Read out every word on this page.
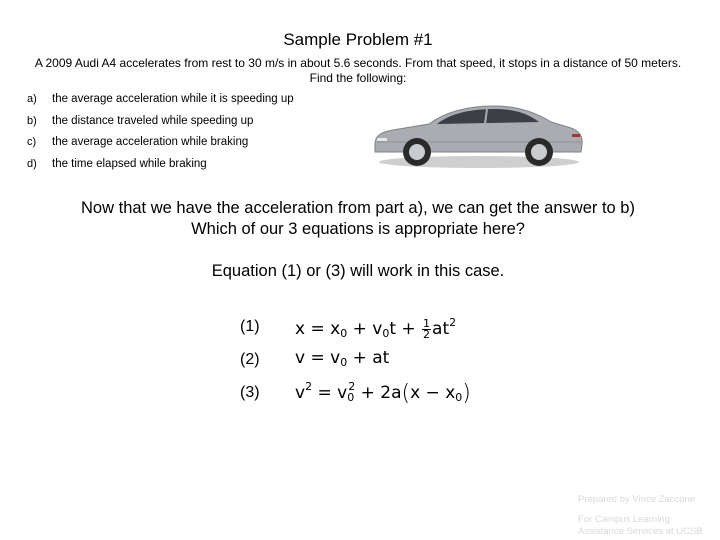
Sample Problem #1
A 2009 Audi A4 accelerates from rest to 30 m/s in about 5.6 seconds. From that speed, it stops in a distance of 50 meters.
Find the following:
a) the average acceleration while it is speeding up
b) the distance traveled while speeding up
c) the average acceleration while braking
d) the time elapsed while braking
Now that we have the acceleration from part a), we can get the answer to b)
Which of our 3 equations is appropriate here?
Equation (1) or (3) will work in this case.
(1) $x = x_0 + v_0t + \frac{1}{2} at^2$
(2) $v = v_0$ + at
(3) $v^2 = v_0^2 + 2a(x - x_0)$
Prepared by Vince Zaccone
For Campus Learning
Assistance Services at UCSB
